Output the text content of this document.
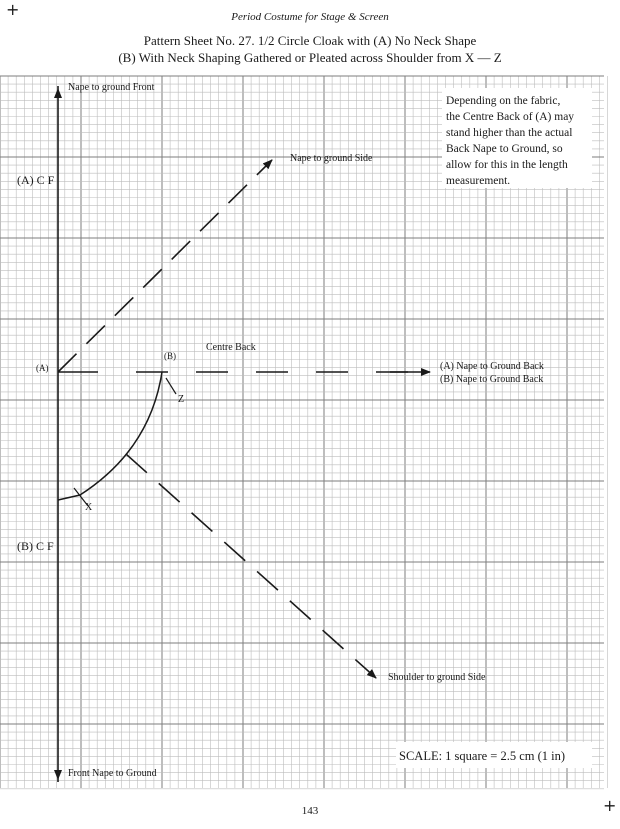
+	Period Costume for Stage & Screen
Pattern Sheet No. 27. 1/2 Circle Cloak with (A) No Neck Shape
(B) With Neck Shaping Gathered or Pleated across Shoulder from X — Z
Nape to ground Front
Nape to ground Side
(A) C F
(A)
(B)
Centre Back
Z
X
(A) Nape to Ground Back
(B) Nape to Ground Back
(B) C F
Shoulder to ground Side
Front Nape to Ground
Depending on the fabric,
the Centre Back of (A) may
stand higher than the actual
Back Nape to Ground, so
allow for this in the length
measurement.
SCALE: 1 square = 2.5 cm (1 in)
143	+
